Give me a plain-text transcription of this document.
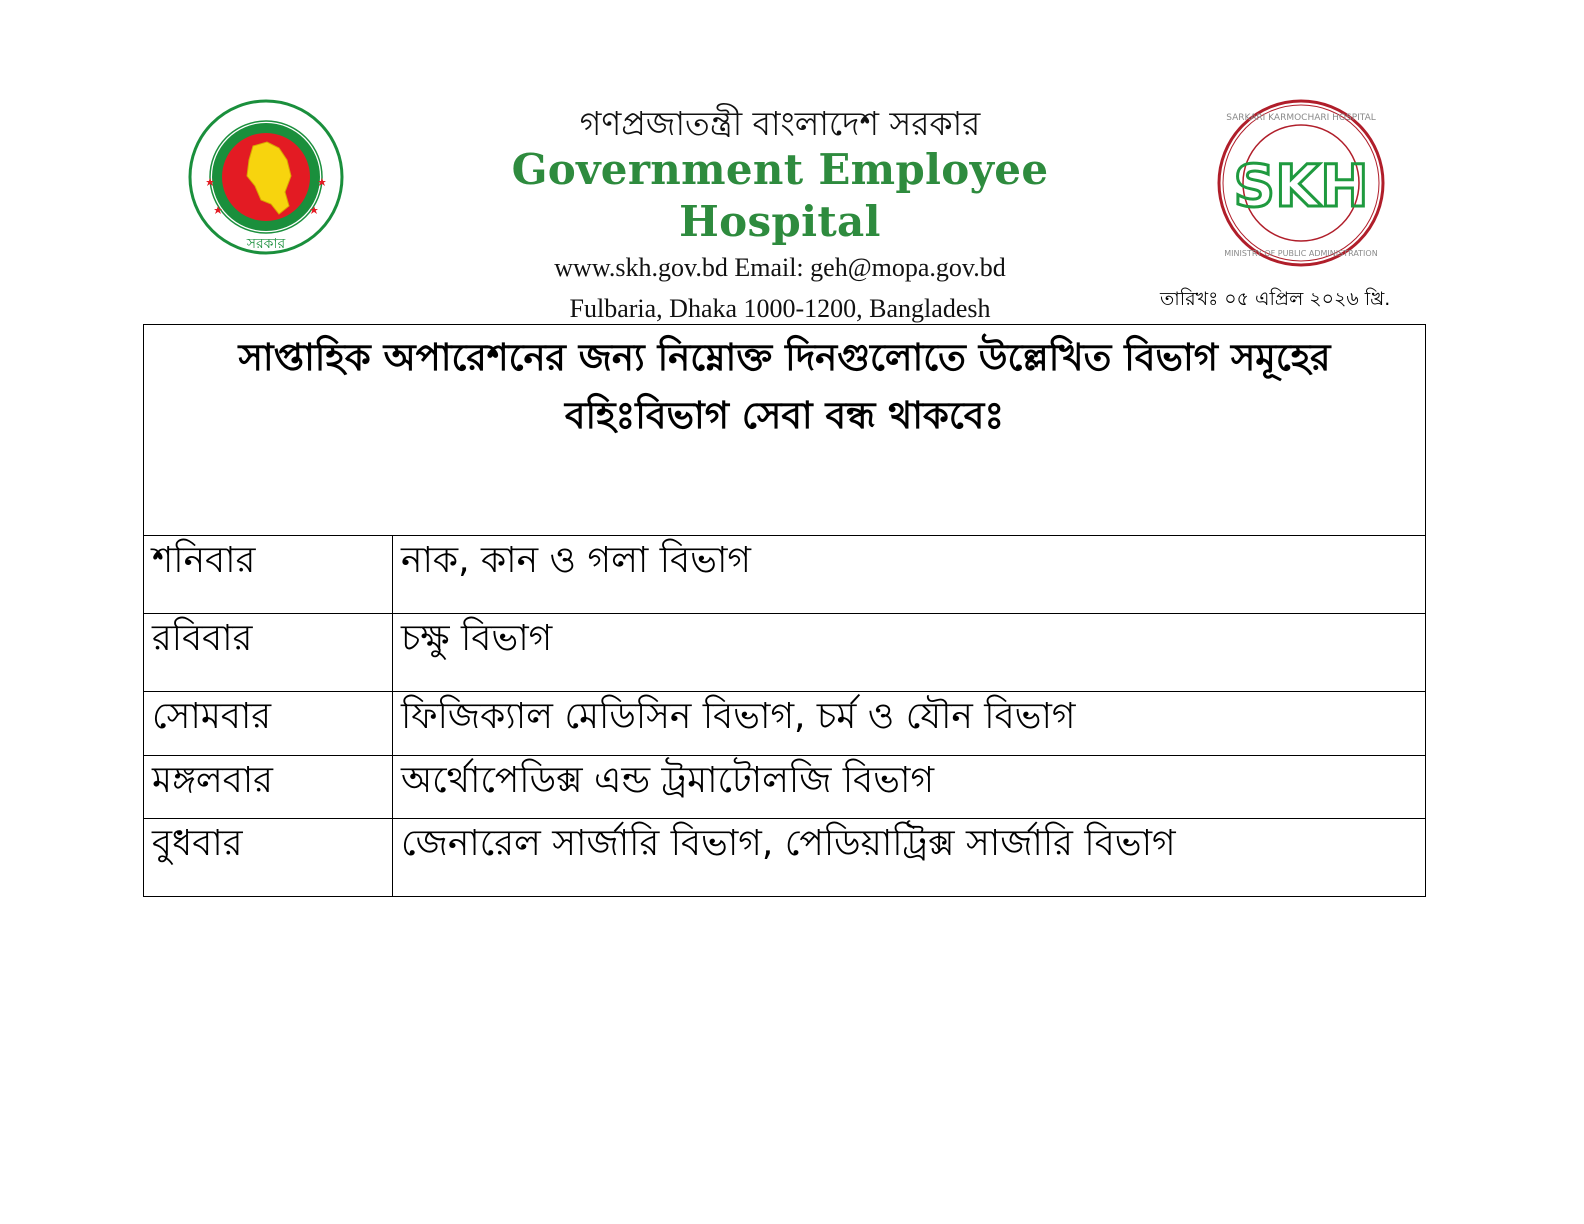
সরকার
গণপ্রজাতন্ত্রী বাংলাদেশ সরকার
Government Employee Hospital
www.skh.gov.bd Email: geh@mopa.gov.bd
Fulbaria, Dhaka 1000-1200, Bangladesh
SKH
SARKARI KARMOCHARI HOSPITAL
MINISTRY OF PUBLIC ADMINISTRATION
তারিখঃ ০৫ এপ্রিল ২০২৬ খ্রি.
সাপ্তাহিক অপারেশনের জন্য নিম্নোক্ত দিনগুলোতে উল্লেখিত বিভাগ সমূহের বহিঃবিভাগ সেবা বন্ধ থাকবেঃ	
শনিবার	নাক, কান ও গলা বিভাগ
রবিবার	চক্ষু বিভাগ
সোমবার	ফিজিক্যাল মেডিসিন বিভাগ, চর্ম ও যৌন বিভাগ
মঙ্গলবার	অর্থোপেডিক্স এন্ড ট্রমাটোলজি বিভাগ
বুধবার	জেনারেল সার্জারি বিভাগ, পেডিয়াট্রিক্স সার্জারি বিভাগ
